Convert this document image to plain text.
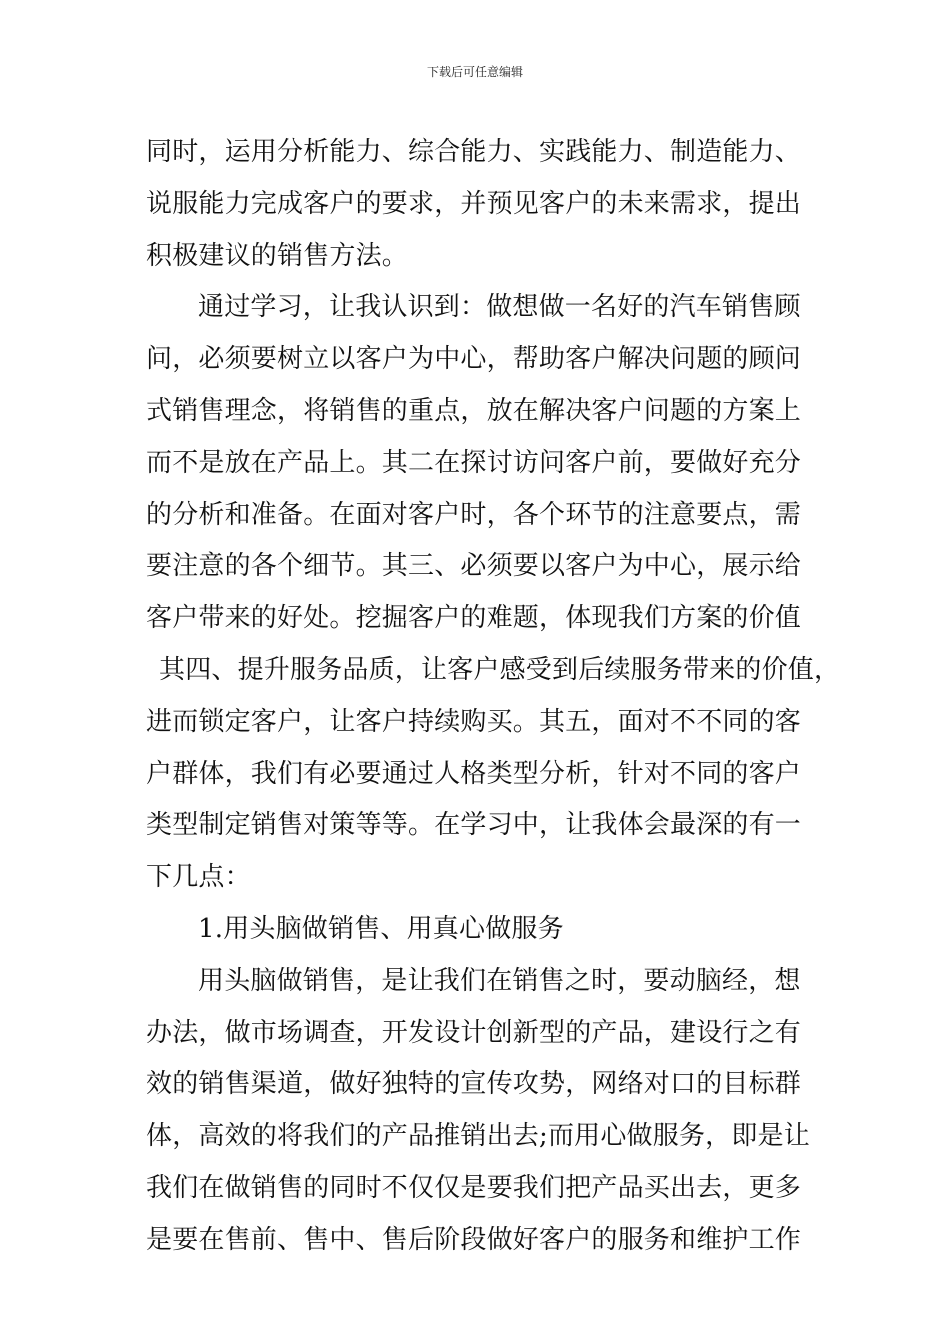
下载后可任意编辑
同时，运用分析能力、综合能力、实践能力、制造能力、
说服能力完成客户的要求，并预见客户的未来需求，提出
积极建议的销售方法。
通过学习，让我认识到：做想做一名好的汽车销售顾
问，必须要树立以客户为中心，帮助客户解决问题的顾问
式销售理念，将销售的重点，放在解决客户问题的方案上
而不是放在产品上。其二在探讨访问客户前，要做好充分
的分析和准备。在面对客户时，各个环节的注意要点，需
要注意的各个细节。其三、必须要以客户为中心，展示给
客户带来的好处。挖掘客户的难题，体现我们方案的价值
其四、提升服务品质，让客户感受到后续服务带来的价值，
进而锁定客户，让客户持续购买。其五，面对不不同的客
户群体，我们有必要通过人格类型分析，针对不同的客户
类型制定销售对策等等。在学习中，让我体会最深的有一
下几点：
1.用头脑做销售、用真心做服务
用头脑做销售，是让我们在销售之时，要动脑经，想
办法，做市场调查，开发设计创新型的产品，建设行之有
效的销售渠道，做好独特的宣传攻势，网络对口的目标群
体，高效的将我们的产品推销出去;而用心做服务，即是让
我们在做销售的同时不仅仅是要我们把产品买出去，更多
是要在售前、售中、售后阶段做好客户的服务和维护工作
